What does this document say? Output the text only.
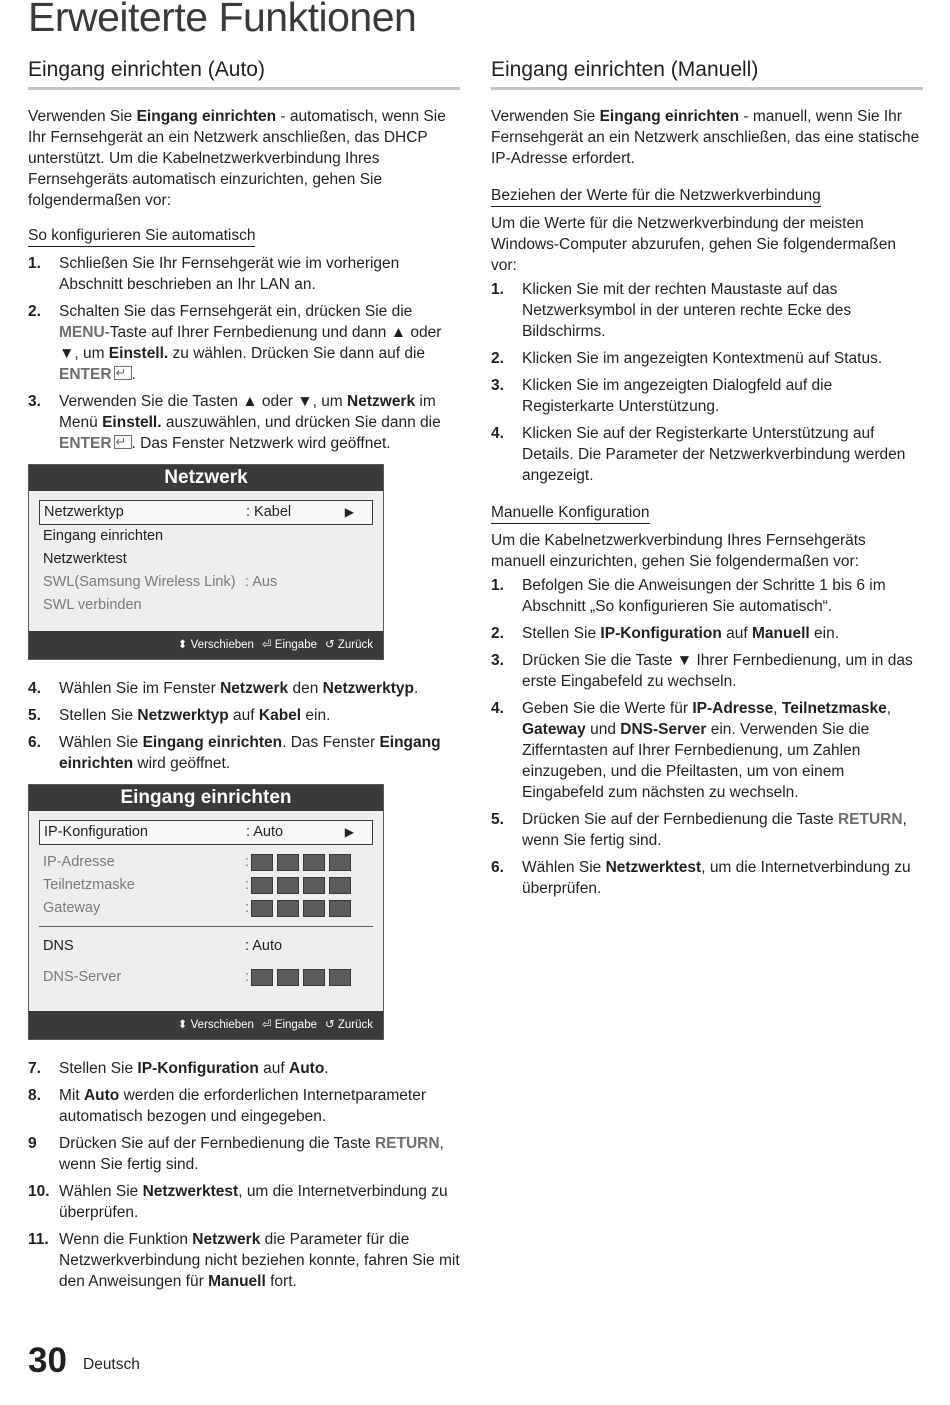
Erweiterte Funktionen
Eingang einrichten (Auto)

Verwenden Sie Eingang einrichten - automatisch, wenn Sie Ihr Fernsehgerät an ein Netzwerk anschließen, das DHCP unterstützt. Um die Kabelnetzwerkverbindung Ihres Fernsehgeräts automatisch einzurichten, gehen Sie folgendermaßen vor:

So konfigurieren Sie automatisch
1. Schließen Sie Ihr Fernsehgerät wie im vorherigen Abschnitt beschrieben an Ihr LAN an.
2. Schalten Sie das Fernsehgerät ein, drücken Sie die MENU-Taste auf Ihrer Fernbedienung und dann ▲ oder ▼, um Einstell. zu wählen. Drücken Sie dann auf die ENTER ↵ .
3. Verwenden Sie die Tasten ▲ oder ▼, um Netzwerk im Menü Einstell. auszuwählen, und drücken Sie dann die ENTER ↵ . Das Fenster Netzwerk wird geöffnet.
Netzwerk
Netzwerktyp	: Kabel	▶
Eingang einrichten
Netzwerktest
SWL(Samsung Wireless Link) : Aus
SWL verbinden
⬍ Verschieben ⏎ Eingabe ↺ Zurück
4. Wählen Sie im Fenster Netzwerk den Netzwerktyp.
5. Stellen Sie Netzwerktyp auf Kabel ein.
6. Wählen Sie Eingang einrichten. Das Fenster Eingang einrichten wird geöffnet.
Eingang einrichten
IP-Konfiguration	: Auto	▶
IP-Adresse	:
Teilnetzmaske	:
Gateway	:
DNS	: Auto
DNS-Server	:
⬍ Verschieben ⏎ Eingabe ↺ Zurück
7. Stellen Sie IP-Konfiguration auf Auto.
8. Mit Auto werden die erforderlichen Internetparameter automatisch bezogen und eingegeben.
9 Drücken Sie auf der Fernbedienung die Taste RETURN, wenn Sie fertig sind.
10. Wählen Sie Netzwerktest, um die Internetverbindung zu überprüfen.
11. Wenn die Funktion Netzwerk die Parameter für die Netzwerkverbindung nicht beziehen konnte, fahren Sie mit den Anweisungen für Manuell fort.
Eingang einrichten (Manuell)

Verwenden Sie Eingang einrichten - manuell, wenn Sie Ihr Fernsehgerät an ein Netzwerk anschließen, das eine statische IP-Adresse erfordert.

Beziehen der Werte für die Netzwerkverbindung

Um die Werte für die Netzwerkverbindung der meisten Windows-Computer abzurufen, gehen Sie folgendermaßen vor:

1. Klicken Sie mit der rechten Maustaste auf das Netzwerksymbol in der unteren rechte Ecke des Bildschirms.
2. Klicken Sie im angezeigten Kontextmenü auf Status.
3. Klicken Sie im angezeigten Dialogfeld auf die Registerkarte Unterstützung.
4. Klicken Sie auf der Registerkarte Unterstützung auf Details. Die Parameter der Netzwerkverbindung werden angezeigt.
Manuelle Konfiguration

Um die Kabelnetzwerkverbindung Ihres Fernsehgeräts manuell einzurichten, gehen Sie folgendermaßen vor:

1. Befolgen Sie die Anweisungen der Schritte 1 bis 6 im Abschnitt „So konfigurieren Sie automatisch“.
2. Stellen Sie IP-Konfiguration auf Manuell ein.
3. Drücken Sie die Taste ▼ Ihrer Fernbedienung, um in das erste Eingabefeld zu wechseln.
4. Geben Sie die Werte für IP-Adresse, Teilnetzmaske, Gateway und DNS-Server ein. Verwenden Sie die Zifferntasten auf Ihrer Fernbedienung, um Zahlen einzugeben, und die Pfeiltasten, um von einem Eingabefeld zum nächsten zu wechseln.
5. Drücken Sie auf der Fernbedienung die Taste RETURN, wenn Sie fertig sind.
6. Wählen Sie Netzwerktest, um die Internetverbindung zu überprüfen.
30 Deutsch
